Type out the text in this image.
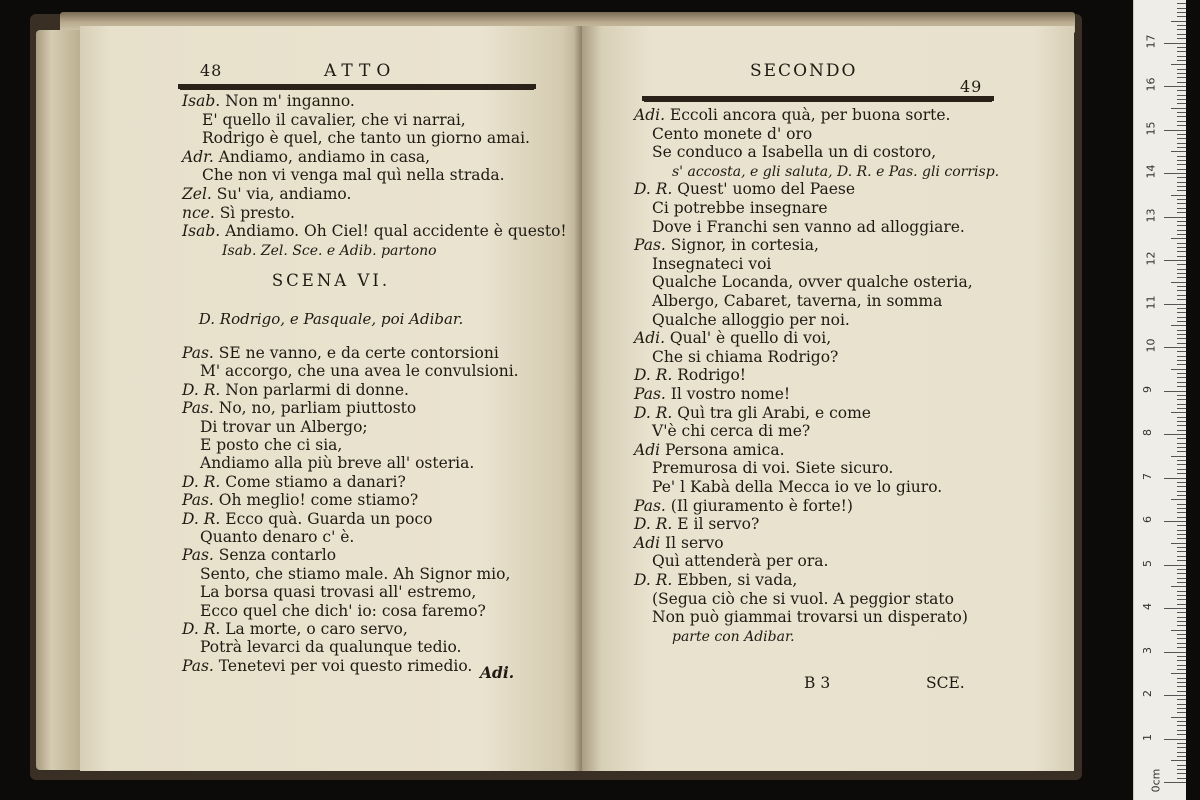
48	ATTO
Isab. Non m' inganno.
E' quello il cavalier, che vi narrai,
Rodrigo è quel, che tanto un giorno amai.
Adr. Andiamo, andiamo in casa,
Che non vi venga mal quì nella strada.
Zel. Su' via, andiamo.
nce. Sì presto.
Isab. Andiamo. Oh Ciel! qual accidente è questo!
Isab. Zel. Sce. e Adib. partono
SCENA VI.
D. Rodrigo, e Pasquale, poi Adibar.
Pas. SE ne vanno, e da certe contorsioni
M' accorgo, che una avea le convulsioni.
D. R. Non parlarmi di donne.
Pas. No, no, parliam piuttosto
Di trovar un Albergo;
E posto che ci sia,
Andiamo alla più breve all' osteria.
D. R. Come stiamo a danari?
Pas. Oh meglio! come stiamo?
D. R. Ecco quà. Guarda un poco
Quanto denaro c' è.
Pas. Senza contarlo
Sento, che stiamo male. Ah Signor mio,
La borsa quasi trovasi all' estremo,
Ecco quel che dich' io: cosa faremo?
D. R. La morte, o caro servo,
Potrà levarci da qualunque tedio.
Pas. Tenetevi per voi questo rimedio. Adi.
SECONDO
49
Adi. Eccoli ancora quà, per buona sorte.
Cento monete d' oro
Se conduco a Isabella un di costoro,
s' accosta, e gli saluta, D. R. e Pas. gli corrisp.
D. R. Quest' uomo del Paese
Ci potrebbe insegnare
Dove i Franchi sen vanno ad alloggiare.
Pas. Signor, in cortesia,
Insegnateci voi
Qualche Locanda, ovver qualche osteria,
Albergo, Cabaret, taverna, in somma
Qualche alloggio per noi.
Adi. Qual' è quello di voi,
Che si chiama Rodrigo?
D. R. Rodrigo!
Pas. Il vostro nome!
D. R. Quì tra gli Arabi, e come
V'è chi cerca di me?
Adi Persona amica.
Premurosa di voi. Siete sicuro.
Pe' l Kabà della Mecca io ve lo giuro.
Pas. (Il giuramento è forte!)
D. R. E il servo?
Adi Il servo
Quì attenderà per ora.
D. R. Ebben, si vada,
(Segua ciò che si vuol. A peggior stato
Non può giammai trovarsi un disperato)
parte con Adibar.
B 3	SCE.
0cm
1
2
3
4
5
6
7
8
9
10
11
12
13
14
15
16
17
